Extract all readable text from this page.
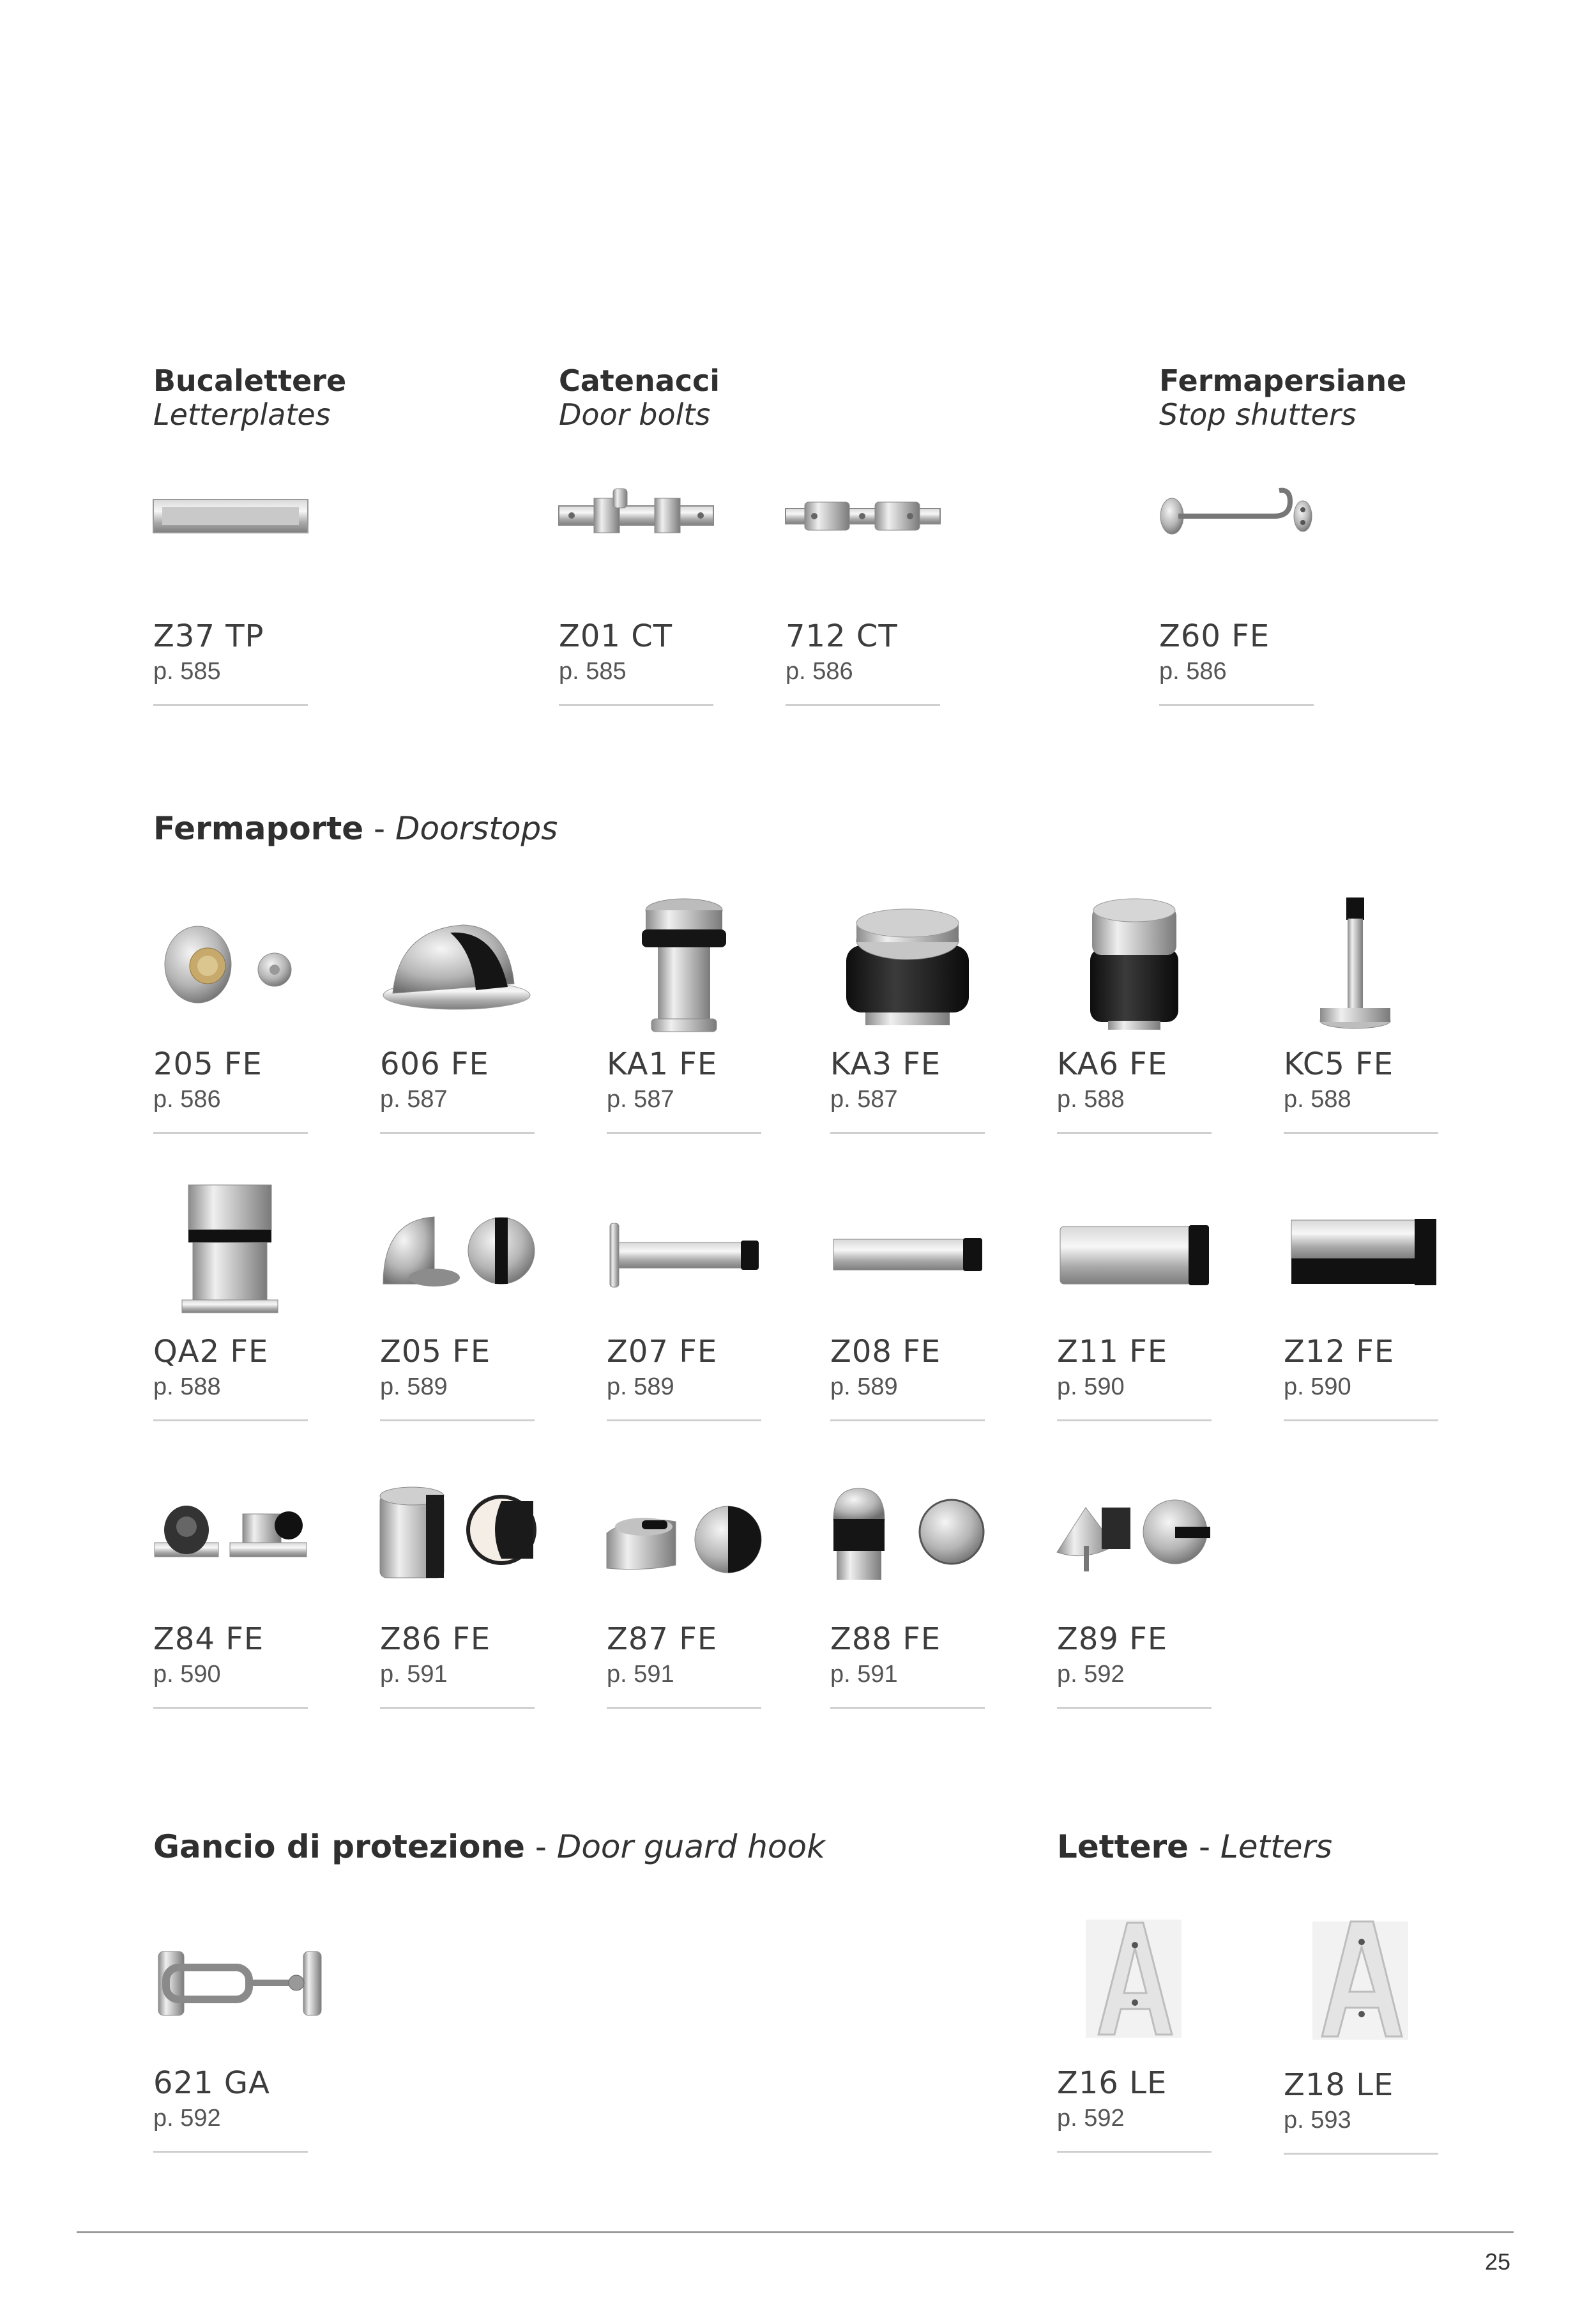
Bucalettere
Letterplates
Catenacci
Door bolts
Fermapersiane
Stop shutters
Z37 TP
p. 585
Z01 CT
p. 585
712 CT
p. 586
Z60 FE
p. 586
Fermaporte - Doorstops
205 FE
p. 586
606 FE
p. 587
KA1 FE
p. 587
KA3 FE
p. 587
KA6 FE
p. 588
KC5 FE
p. 588
QA2 FE
p. 588
Z05 FE
p. 589
Z07 FE
p. 589
Z08 FE
p. 589
Z11 FE
p. 590
Z12 FE
p. 590
Z84 FE
p. 590
Z86 FE
p. 591
Z87 FE
p. 591
Z88 FE
p. 591
Z89 FE
p. 592
Gancio di protezione - Door guard hook	Lettere - Letters
621 GA
p. 592
Z16 LE
p. 592
Z18 LE
p. 593
25
